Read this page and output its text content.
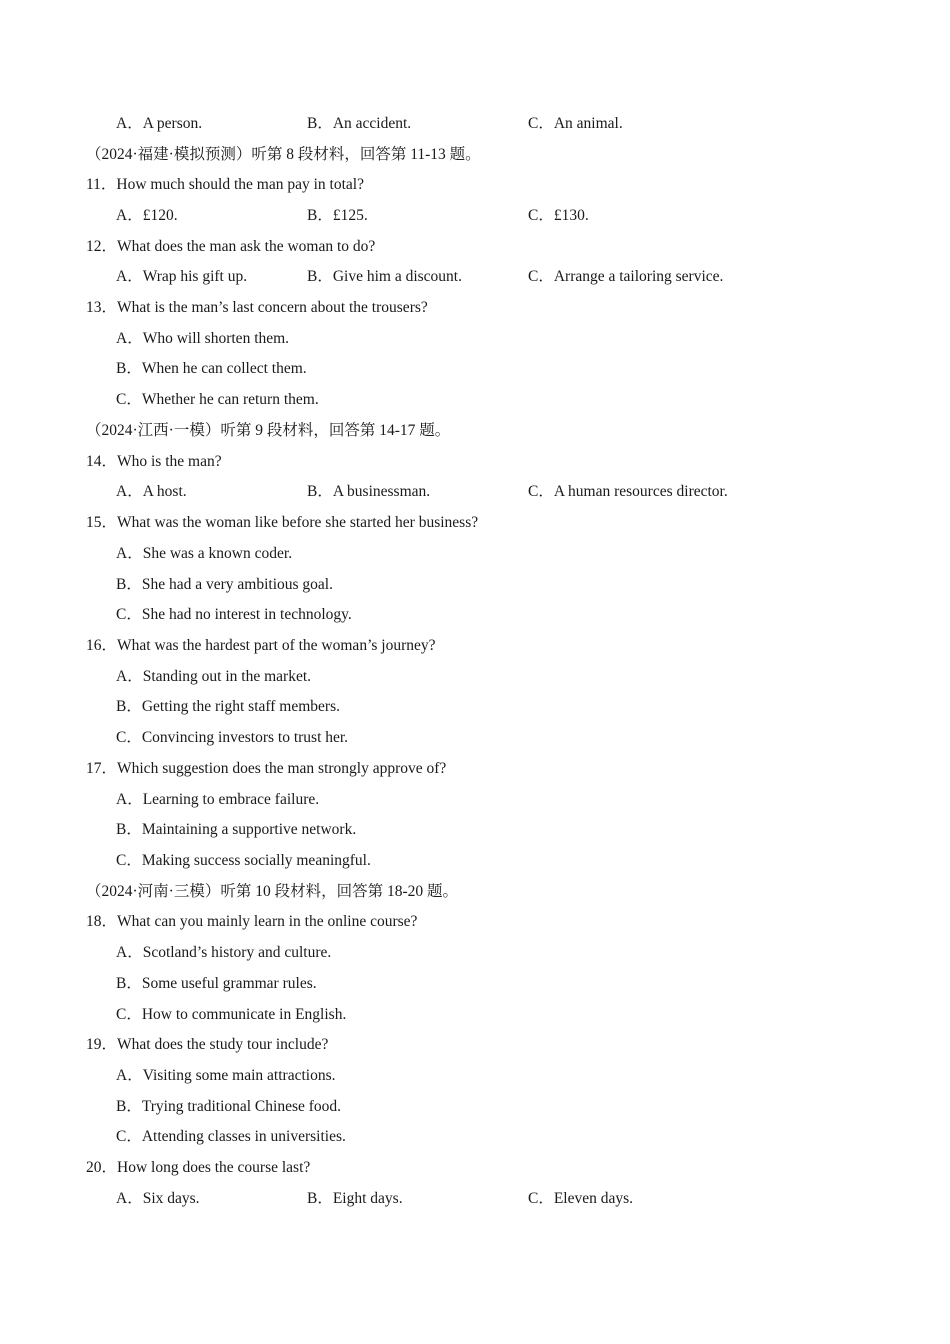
A．A person.	B．An accident.	C．An animal.
（2024·福建·模拟预测）听第 8 段材料，回答第 11-13 题。
11．How much should the man pay in total?
A．£120.	B．£125.	C．£130.
12．What does the man ask the woman to do?
A．Wrap his gift up.	B．Give him a discount.	C．Arrange a tailoring service.
13．What is the man’s last concern about the trousers?
A．Who will shorten them.
B．When he can collect them.
C．Whether he can return them.
（2024·江西·一模）听第 9 段材料，回答第 14-17 题。
14．Who is the man?
A．A host.	B．A businessman.	C．A human resources director.
15．What was the woman like before she started her business?
A．She was a known coder.
B．She had a very ambitious goal.
C．She had no interest in technology.
16．What was the hardest part of the woman’s journey?
A．Standing out in the market.
B．Getting the right staff members.
C．Convincing investors to trust her.
17．Which suggestion does the man strongly approve of?
A．Learning to embrace failure.
B．Maintaining a supportive network.
C．Making success socially meaningful.
（2024·河南·三模）听第 10 段材料，回答第 18-20 题。
18．What can you mainly learn in the online course?
A．Scotland’s history and culture.
B．Some useful grammar rules.
C．How to communicate in English.
19．What does the study tour include?
A．Visiting some main attractions.
B．Trying traditional Chinese food.
C．Attending classes in universities.
20．How long does the course last?
A．Six days.	B．Eight days.	C．Eleven days.
